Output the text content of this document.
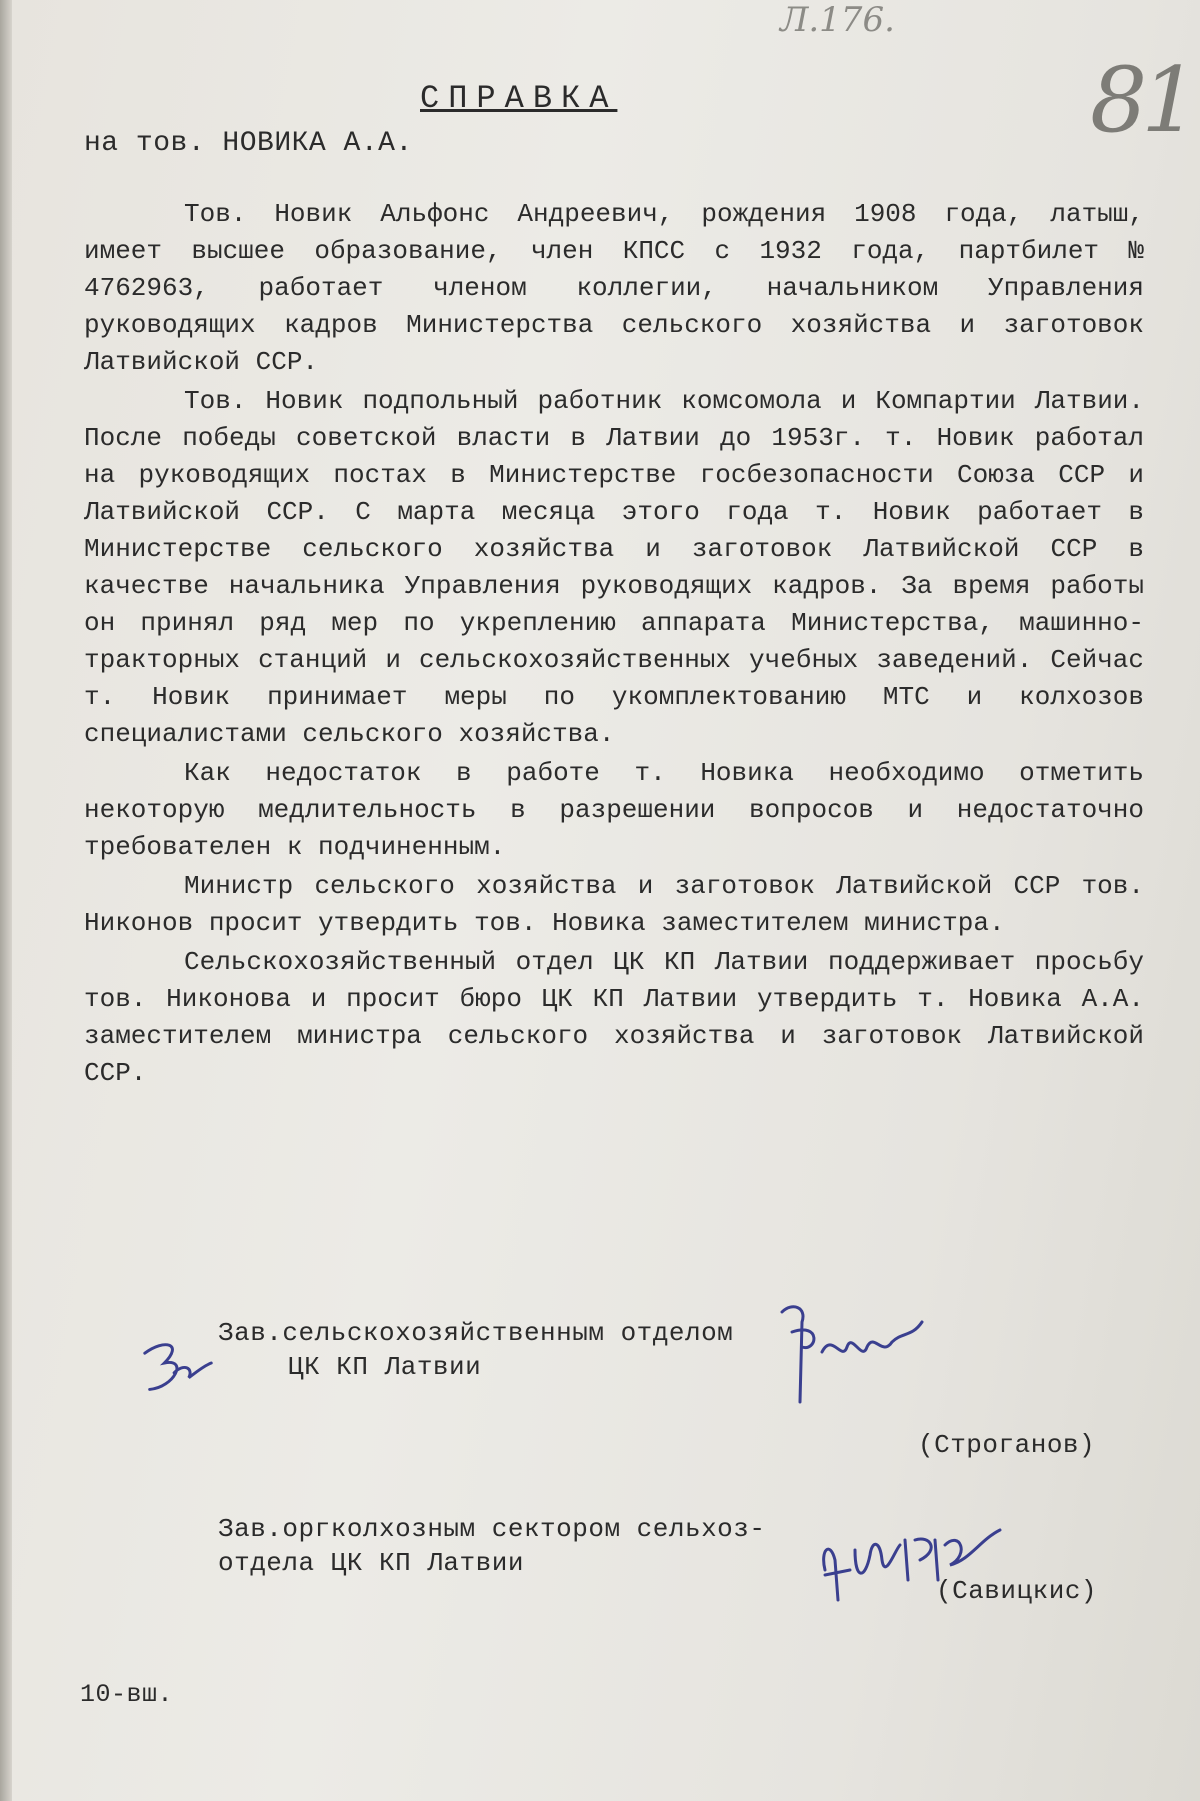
Л.176.
81
СПРАВКА
на тов. НОВИКА А.А.

Тов. Новик Альфонс Андреевич, рождения 1908 года, латыш, имеет высшее образование, член КПСС с 1932 года, партбилет № 4762963, работает членом коллегии, начальником Управления руководящих кадров Министерства сельского хозяйства и заготовок Латвийской ССР.

Тов. Новик подпольный работник комсомола и Компартии Латвии. После победы советской власти в Латвии до 1953г. т. Новик работал на руководящих постах в Министерстве госбезопасности Союза ССР и Латвийской ССР. С марта месяца этого года т. Новик работает в Министерстве сельского хозяйства и заготовок Латвийской ССР в качестве начальника Управления руководящих кадров. За время работы он принял ряд мер по укреплению аппарата Министерства, машинно-тракторных станций и сельскохозяйственных учебных заведений. Сейчас т. Новик принимает меры по укомплектованию МТС и колхозов специалистами сельского хозяйства.

Как недостаток в работе т. Новика необходимо отметить некоторую медлительность в разрешении вопросов и недостаточно требователен к подчиненным.

Министр сельского хозяйства и заготовок Латвийской ССР тов. Никонов просит утвердить тов. Новика заместителем министра.

Сельскохозяйственный отдел ЦК КП Латвии поддерживает просьбу тов. Никонова и просит бюро ЦК КП Латвии утвердить т. Новика А.А. заместителем министра сельского хозяйства и заготовок Латвийской ССР.

Зав.сельскохозяйственным отделом
ЦК КП Латвии
(Строганов)
Зав.оргколхозным сектором сельхоз-
отдела ЦК КП Латвии
(Савицкис)
10-вш.
